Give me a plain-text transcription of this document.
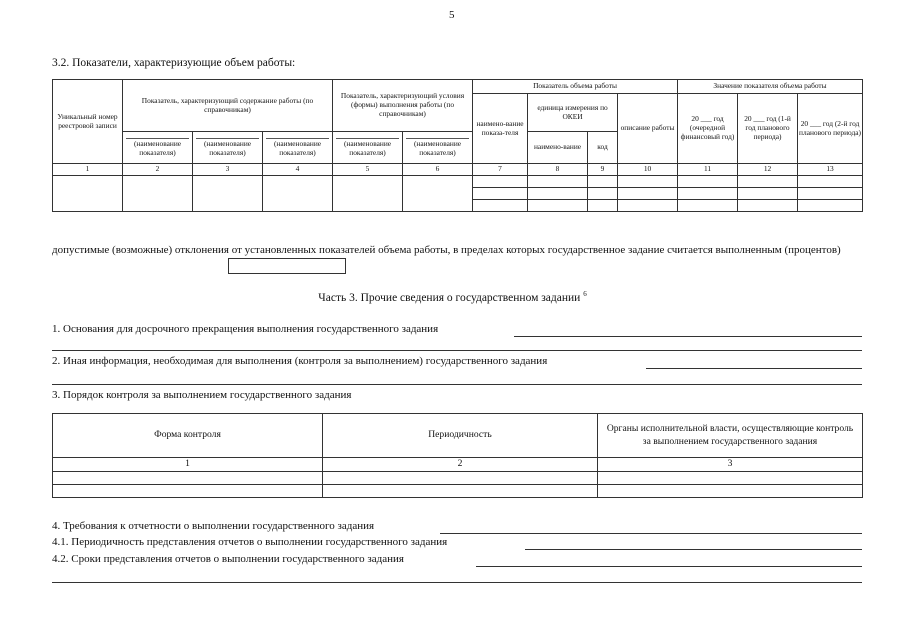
5
3.2. Показатели, характеризующие объем работы:
Уникальный номер реестровой записи	Показатель, характеризующий содержание работы (по справочникам)			Показатель, характеризующий условия (формы) выполнения работы (по справочникам)		Показатель объема работы				Значение показателя объема работы		
						наимено-вание показа-теля	единица измерения по ОКЕИ		описание работы	20 ___ год (очередной финансовый год)	20 ___ год (1-й год планового периода)	20 ___ год (2-й год планового периода)
	(наименование показателя)	(наименование показателя)	(наименование показателя)	(наименование показателя)	(наименование показателя)		наимено-вание	код				
1	2	3	4	5	6	7	8	9	10	11	12	13

допустимые (возможные) отклонения от установленных показателей объема работы, в пределах которых государственное задание считается выполненным (процентов)
Часть 3. Прочие сведения о государственном задании $^6$
1. Основания для досрочного прекращения выполнения государственного задания
2. Иная информация, необходимая для выполнения (контроля за выполнением) государственного задания
3. Порядок контроля за выполнением государственного задания
Форма контроля	Периодичность	Органы исполнительной власти, осуществляющие контроль за выполнением государственного задания
1	2	3

4. Требования к отчетности о выполнении государственного задания
4.1. Периодичность представления отчетов о выполнении государственного задания
4.2. Сроки представления отчетов о выполнении государственного задания
